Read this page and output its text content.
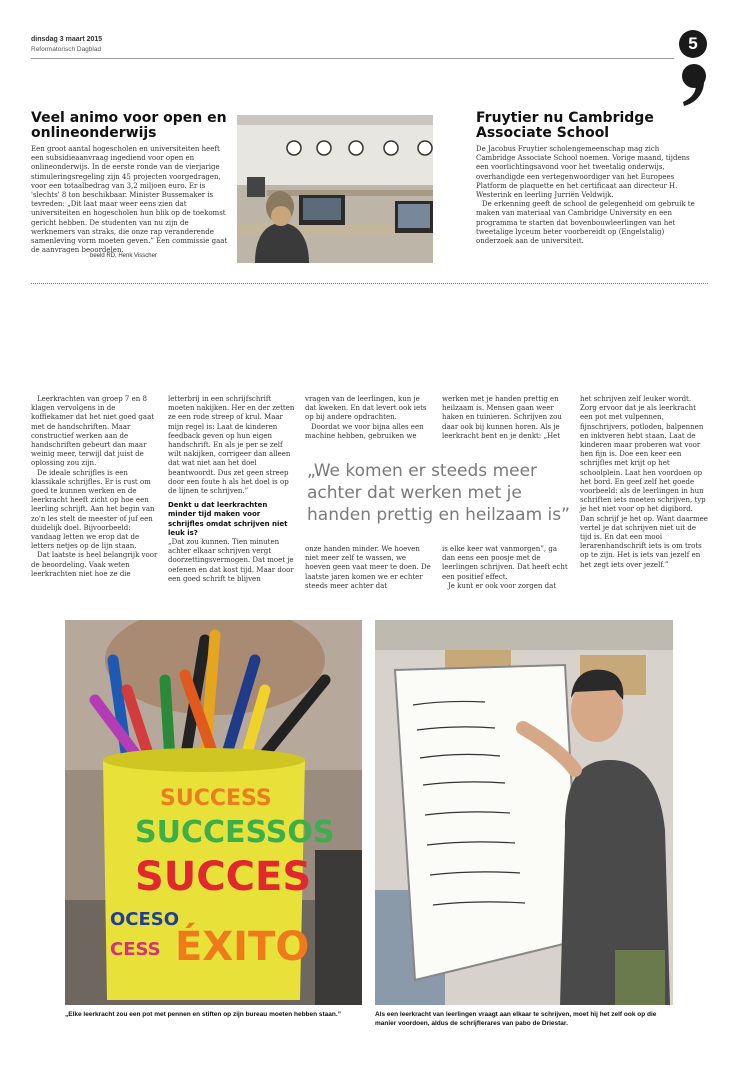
dinsdag 3 maart 2015
Reformatorisch Dagblad	5
Veel animo voor open en onlineonderwijs

Een groot aantal hogescholen en universiteiten heeft een subsidieaanvraag ingediend voor open en onlineonderwijs. In de eerste ronde van de vierjarige stimuleringsregeling zijn 45 projecten voorgedragen, voor een totaalbedrag van 3,2 miljoen euro. Er is 'slechts' 8 ton beschikbaar. Minister Bussemaker is tevreden: „Dit laat maar weer eens zien dat universiteiten en hogescholen hun blik op de toekomst gericht hebben. De studenten van nu zijn de werknemers van straks, die onze rap veranderende samenleving vorm moeten geven.” Een commissie gaat de aanvragen beoordelen.

beeld RD, Henk Visscher
Fruytier nu Cambridge Associate School

De Jacobus Fruytier scholengemeenschap mag zich Cambridge Associate School noemen. Vorige maand, tijdens een voorlichtingsavond voor het tweetalig onderwijs, overhandigde een vertegenwoordiger van het Europees Platform de plaquette en het certificaat aan directeur H. Westerink en leerling Jurriën Veldwijk.

De erkenning geeft de school de gelegenheid om gebruik te maken van materiaal van Cambridge University en een programma te starten dat bovenbouwleerlingen van het tweetalige lyceum beter voorbereidt op (Engelstalig) onderzoek aan de universiteit.

Leerkrachten van groep 7 en 8 klagen vervolgens in de koffiekamer dat het niet goed gaat met de handschriften. Maar constructief werken aan de handschriften gebeurt dan maar weinig meer, terwijl dat juist de oplossing zou zijn.

De ideale schrijfles is een klassikale schrijfles. Er is rust om goed te kunnen werken en de leerkracht heeft zicht op hoe een leerling schrijft. Aan het begin van zo'n les stelt de meester of juf een duidelijk doel. Bijvoorbeeld: vandaag letten we erop dat de letters netjes op de lijn staan.

Dat laatste is heel belangrijk voor de beoordeling. Vaak weten leerkrachten niet hoe ze die

letterbrij in een schrijfschrift moeten nakijken. Her en der zetten ze een rode streep of krul. Maar mijn regel is: Laat de kinderen feedback geven op hun eigen handschrift. En als je per se zelf wilt nakijken, corrigeer dan alleen dat wat niet aan het doel beantwoordt. Dus zet geen streep door een foute h als het doel is op de lijnen te schrijven.”

Denkt u dat leerkrachten minder tijd maken voor schrijfles omdat schrijven niet leuk is?

„Dat zou kunnen. Tien minuten achter elkaar schrijven vergt doorzettingsvermogen. Dat moet je oefenen en dat kost tijd. Maar door een goed schrift te blijven

vragen van de leerlingen, kun je dat kweken. En dat levert ook iets op bij andere opdrachten.

Doordat we voor bijna alles een machine hebben, gebruiken we

werken met je handen prettig en heilzaam is. Mensen gaan weer haken en tuinieren. Schrijven zou daar ook bij kunnen horen. Als je leerkracht bent en je denkt: „Het

„We komen er steeds meer achter dat werken met je handen prettig en heilzaam is”

onze handen minder. We hoeven niet meer zelf te wassen, we hoeven geen vaat meer te doen. De laatste jaren komen we er echter steeds meer achter dat

is elke keer wat vanmorgen”, ga dan eens een poosje met de leerlingen schrijven. Dat heeft echt een positief effect.

Je kunt er ook voor zorgen dat

het schrijven zelf leuker wordt. Zorg ervoor dat je als leerkracht een pot met vulpennen, fijnschrijvers, potloden, balpennen en inktveren hebt staan. Laat de kinderen maar proberen wat voor hen fijn is. Doe een keer een schrijfles met krijt op het schoolplein. Laat hen voordoen op het bord. En geef zelf het goede voorbeeld: als de leerlingen in hun schriften iets moeten schrijven, typ je het niet voor op het digibord. Dan schrijf je het op. Want daarmee vertel je dat schrijven niet uit de tijd is. En dat een mooi lerarenhandschrift iets is om trots op te zijn. Het is iets van jezelf en het zegt iets over jezelf.”

SUCCESS
SUCCESSOS
SUCCES
ÉXITO
OCESO
CESS
„Elke leerkracht zou een pot met pennen en stiften op zijn bureau moeten hebben staan.”	Als een leerkracht van leerlingen vraagt aan elkaar te schrijven, moet hij het zelf ook op die manier voordoen, aldus de schrijflerares van pabo de Driestar.
